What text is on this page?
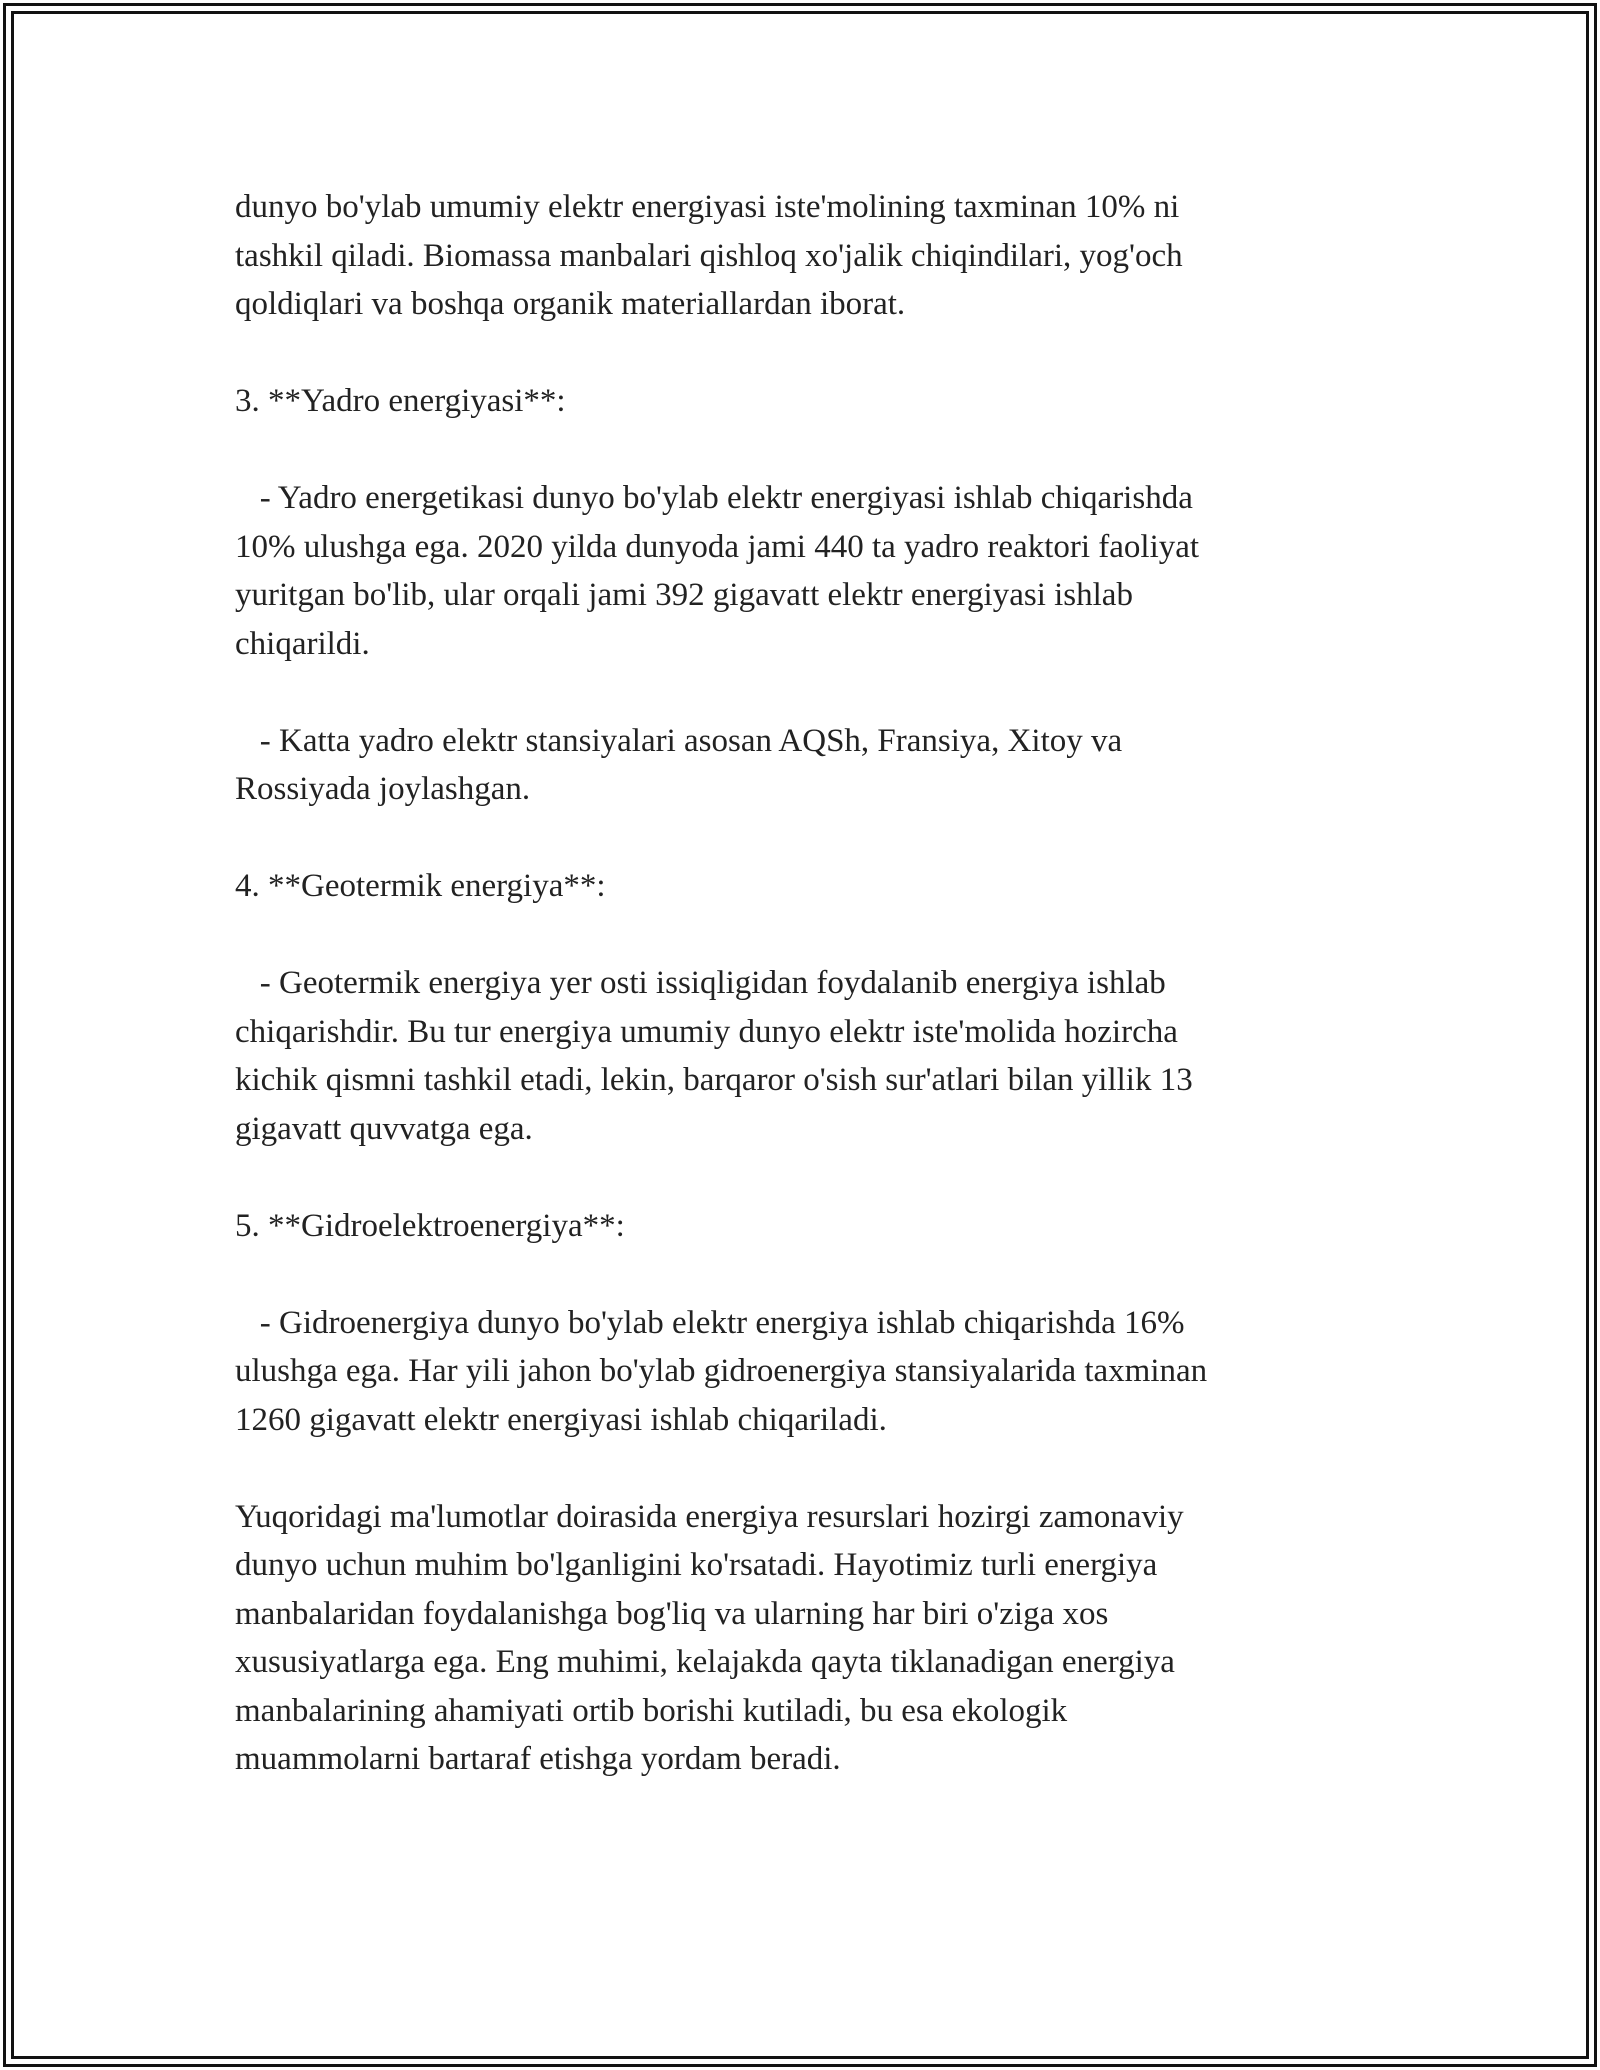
dunyo bo'ylab umumiy elektr energiyasi iste'molining taxminan 10% ni
tashkil qiladi. Biomassa manbalari qishloq xo'jalik chiqindilari, yog'och
qoldiqlari va boshqa organik materiallardan iborat.

3. **Yadro energiyasi**:

- Yadro energetikasi dunyo bo'ylab elektr energiyasi ishlab chiqarishda
10% ulushga ega. 2020 yilda dunyoda jami 440 ta yadro reaktori faoliyat
yuritgan bo'lib, ular orqali jami 392 gigavatt elektr energiyasi ishlab
chiqarildi.

- Katta yadro elektr stansiyalari asosan AQSh, Fransiya, Xitoy va
Rossiyada joylashgan.

4. **Geotermik energiya**:

- Geotermik energiya yer osti issiqligidan foydalanib energiya ishlab
chiqarishdir. Bu tur energiya umumiy dunyo elektr iste'molida hozircha
kichik qismni tashkil etadi, lekin, barqaror o'sish sur'atlari bilan yillik 13
gigavatt quvvatga ega.

5. **Gidroelektroenergiya**:

- Gidroenergiya dunyo bo'ylab elektr energiya ishlab chiqarishda 16%
ulushga ega. Har yili jahon bo'ylab gidroenergiya stansiyalarida taxminan
1260 gigavatt elektr energiyasi ishlab chiqariladi.

Yuqoridagi ma'lumotlar doirasida energiya resurslari hozirgi zamonaviy
dunyo uchun muhim bo'lganligini ko'rsatadi. Hayotimiz turli energiya
manbalaridan foydalanishga bog'liq va ularning har biri o'ziga xos
xususiyatlarga ega. Eng muhimi, kelajakda qayta tiklanadigan energiya
manbalarining ahamiyati ortib borishi kutiladi, bu esa ekologik
muammolarni bartaraf etishga yordam beradi.
